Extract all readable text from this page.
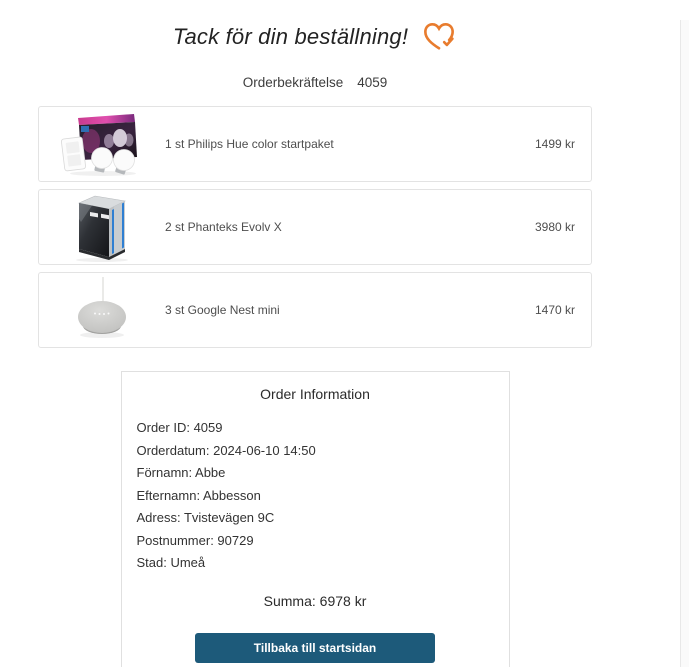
Tack för din beställning!
Orderbekräftelse 4059
1 st Philips Hue color startpaket	1499 kr
2 st Phanteks Evolv X	3980 kr
3 st Google Nest mini	1470 kr
Order Information
Order ID: 4059
Orderdatum: 2024-06-10 14:50
Förnamn: Abbe
Efternamn: Abbesson
Adress: Tvistevägen 9C
Postnummer: 90729
Stad: Umeå
Summa: 6978 kr
Tillbaka till startsidan
